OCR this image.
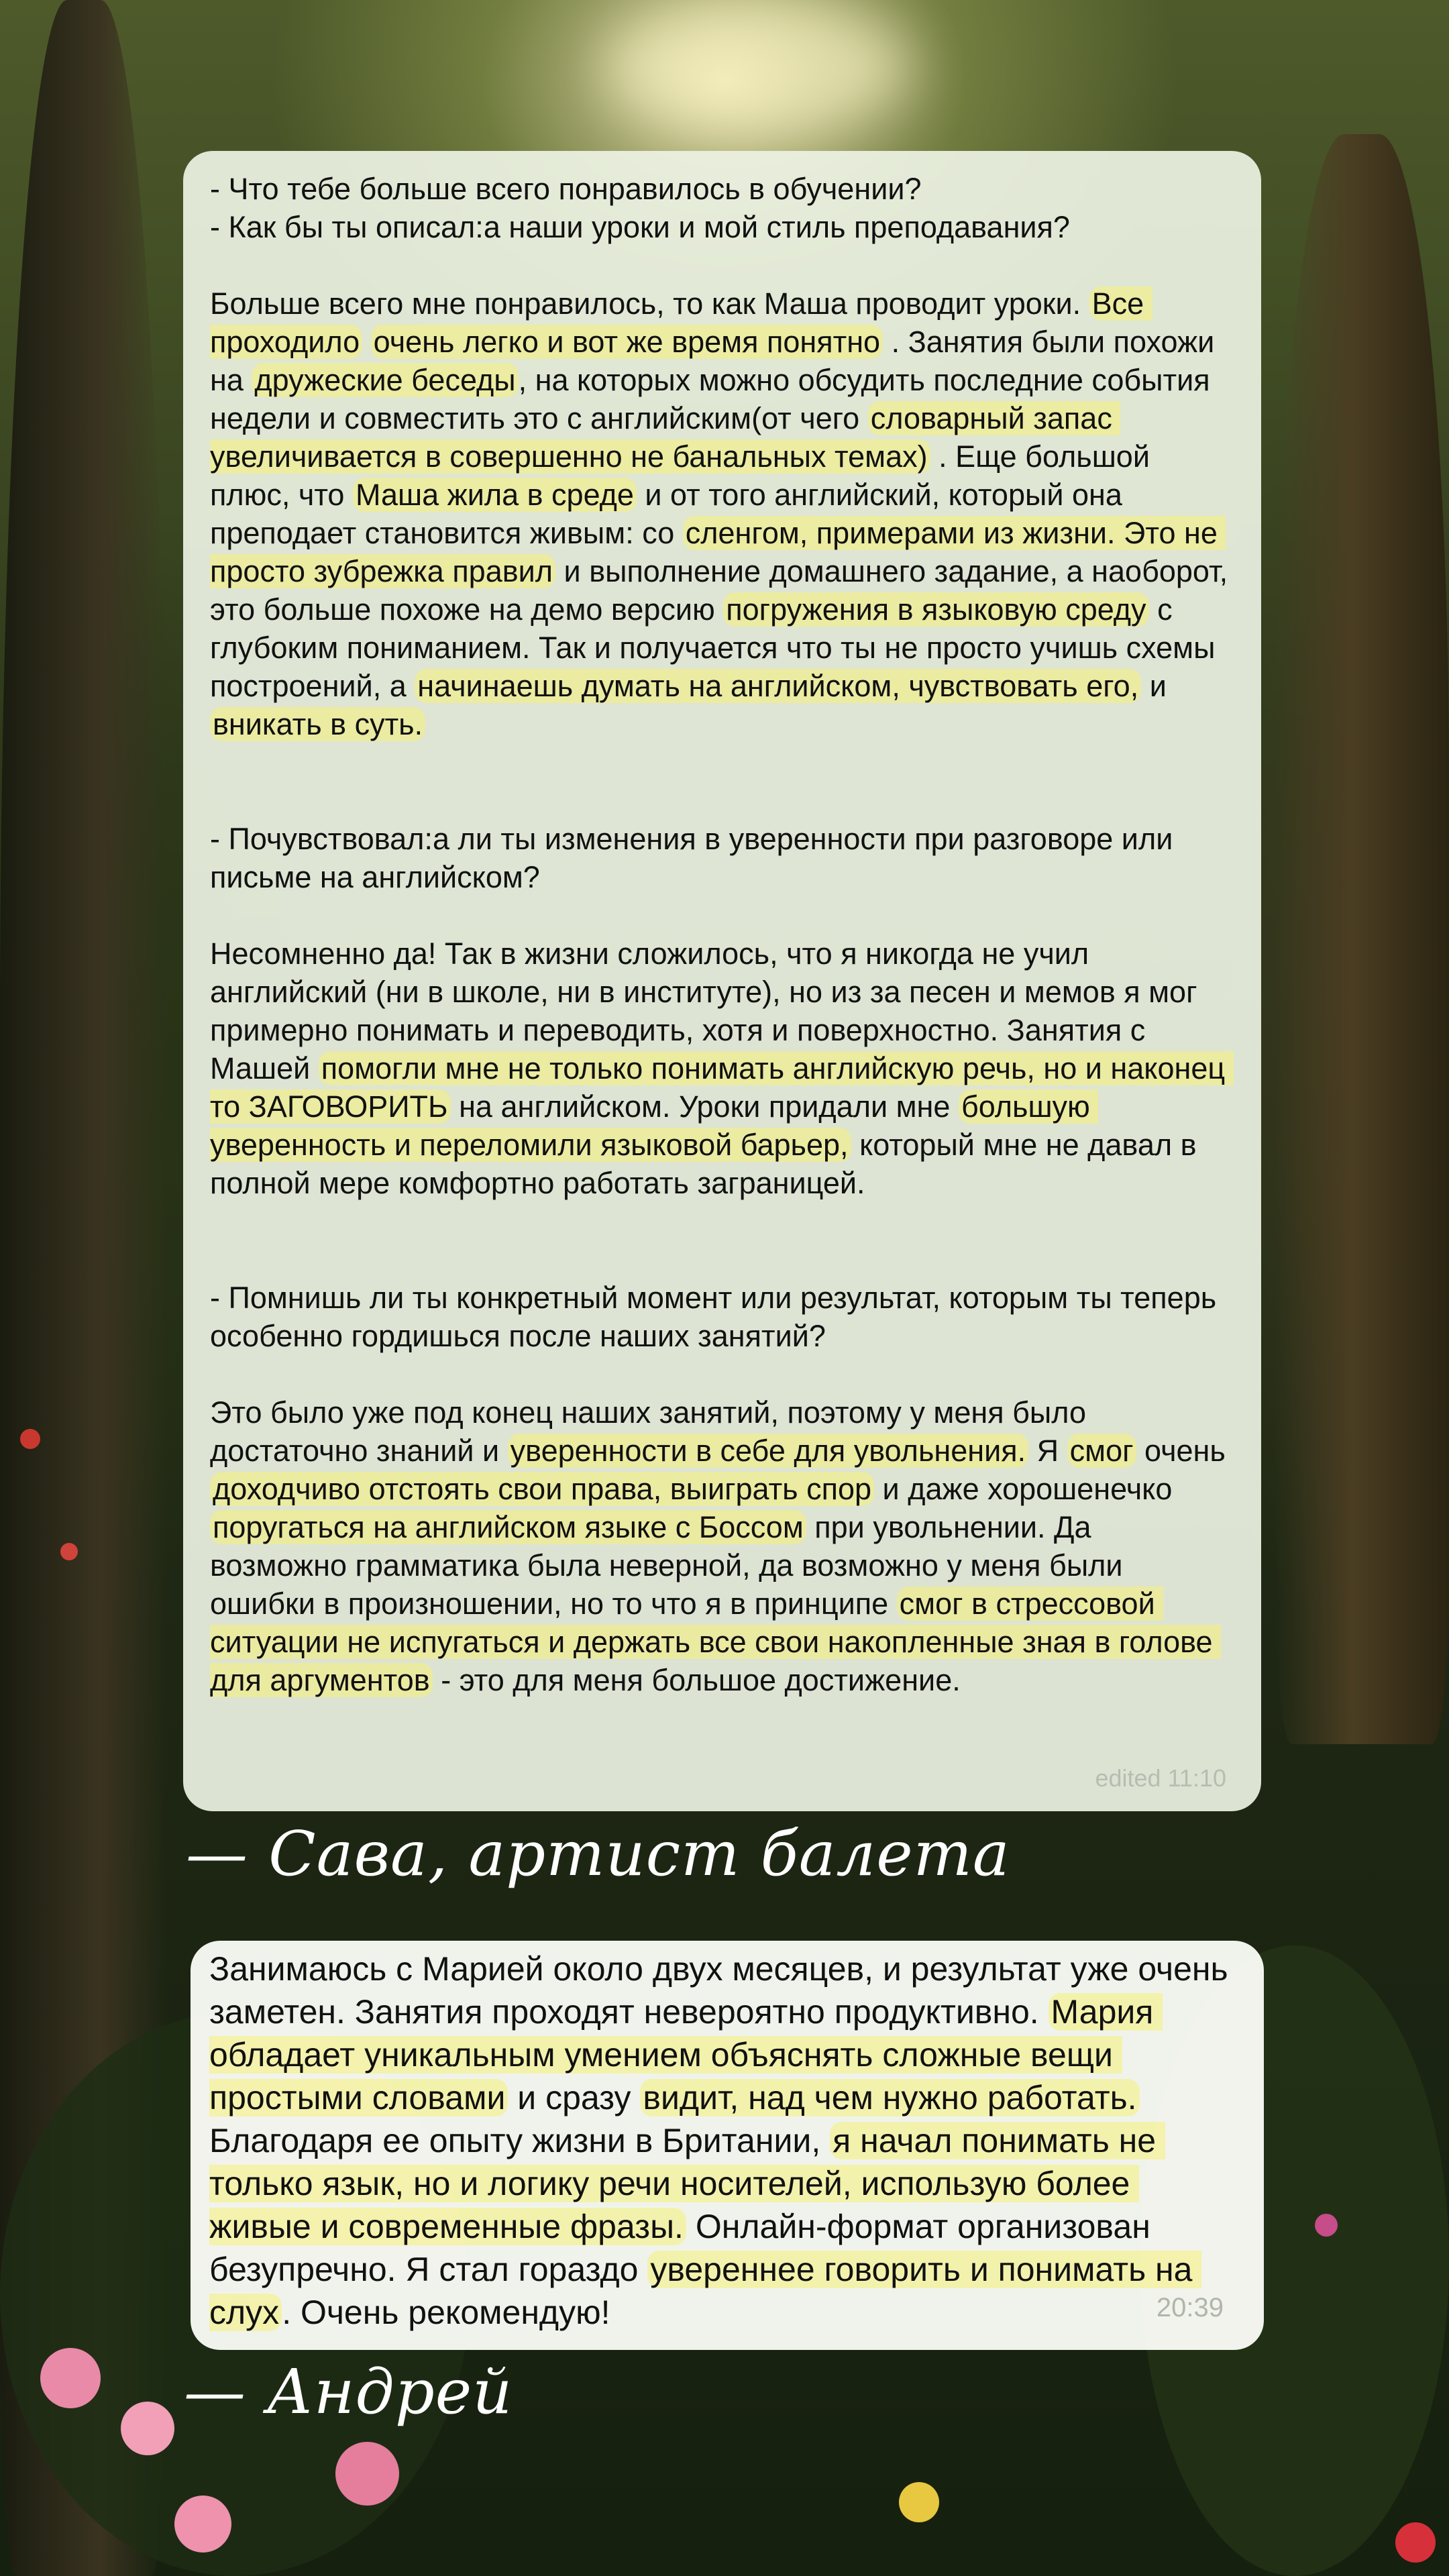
- Что тебе больше всего понравилось в обучении?
- Как бы ты описал:а наши уроки и мой стиль преподавания?
Больше всего мне понравилось, то как Маша проводит уроки. Все проходило очень легко и вот же время понятно . Занятия были похожи на дружеские беседы, на которых можно обсудить последние события недели и совместить это с английским(от чего словарный запас увеличивается в совершенно не банальных темах) . Еще большой плюс, что Маша жила в среде и от того английский, который она преподает становится живым: со сленгом, примерами из жизни. Это не просто зубрежка правил и выполнение домашнего задание, а наоборот, это больше похоже на демо версию погружения в языковую среду с глубоким пониманием. Так и получается что ты не просто учишь схемы построений, а начинаешь думать на английском, чувствовать его, и вникать в суть.
- Почувствовал:а ли ты изменения в уверенности при разговоре или письме на английском?
Несомненно да! Так в жизни сложилось, что я никогда не учил английский (ни в школе, ни в институте), но из за песен и мемов я мог примерно понимать и переводить, хотя и поверхностно. Занятия с Машей помогли мне не только понимать английскую речь, но и наконец то ЗАГОВОРИТЬ на английском. Уроки придали мне большую уверенность и переломили языковой барьер, который мне не давал в полной мере комфортно работать заграницей.
- Помнишь ли ты конкретный момент или результат, которым ты теперь особенно гордишься после наших занятий?
Это было уже под конец наших занятий, поэтому у меня было достаточно знаний и уверенности в себе для увольнения. Я смог очень доходчиво отстоять свои права, выиграть спор и даже хорошенечко поругаться на английском языке с Боссом при увольнении. Да возможно грамматика была неверной, да возможно у меня были ошибки в произношении, но то что я в принципе смог в стрессовой ситуации не испугаться и держать все свои накопленные зная в голове для аргументов - это для меня большое достижение.
edited 11:10
— Сава, артист балета
Занимаюсь с Марией около двух месяцев, и результат уже очень заметен. Занятия проходят невероятно продуктивно. Мария обладает уникальным умением объяснять сложные вещи простыми словами и сразу видит, над чем нужно работать. Благодаря ее опыту жизни в Британии, я начал понимать не только язык, но и логику речи носителей, использую более живые и современные фразы. Онлайн-формат организован безупречно. Я стал гораздо увереннее говорить и понимать на слух. Очень рекомендую!	20:39
— Андрей
